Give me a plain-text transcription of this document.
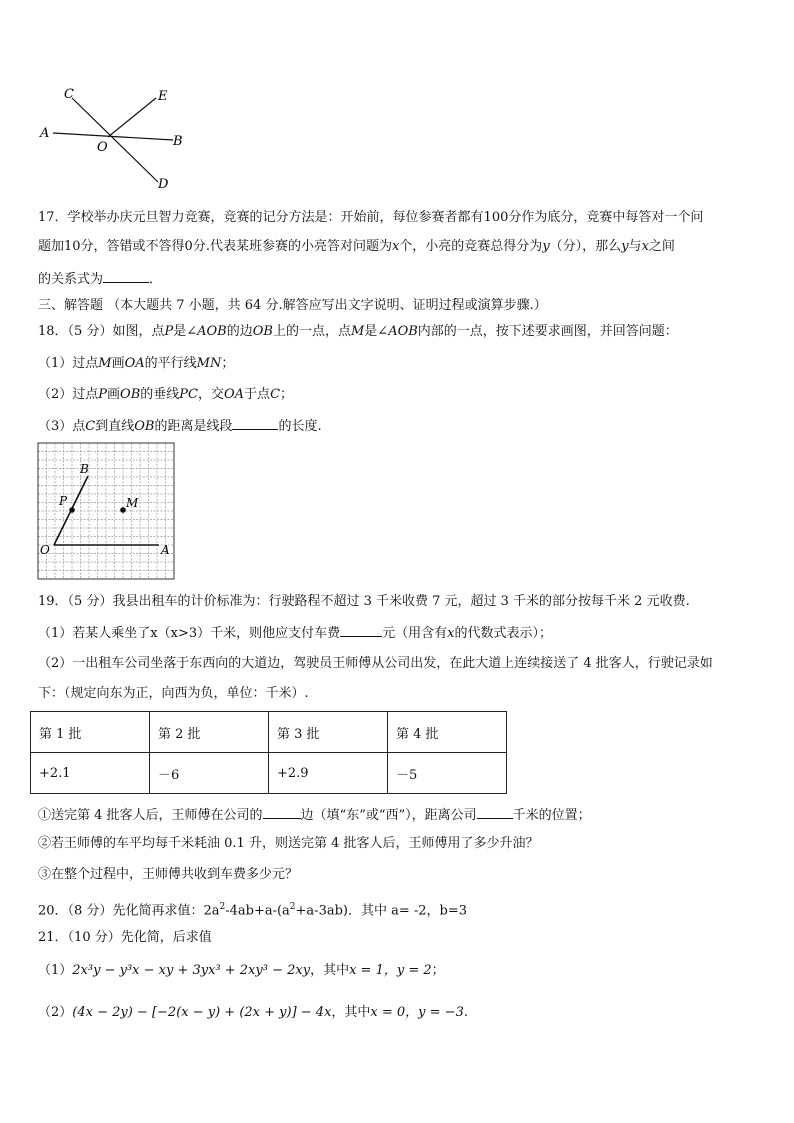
C	E
A
O	B
D
17．学校举办庆元旦智力竞赛，竞赛的记分方法是：开始前，每位参赛者都有100分作为底分，竞赛中每答对一个问
题加10分，答错或不答得0分.代表某班参赛的小亮答对问题为x个，小亮的竞赛总得分为y（分），那么y与x之间
的关系式为	．
三、解答题 （本大题共 7 小题，共 64 分.解答应写出文字说明、证明过程或演算步骤.）
18．（5 分）如图，点P是∠AOB的边OB上的一点，点M是∠AOB内部的一点，按下述要求画图，并回答问题：
（1）过点M画OA的平行线MN；
（2）过点P画OB的垂线PC，交OA于点C；
（3）点C到直线OB的距离是线段	的长度.
B
P	M
O	A
19．（5 分）我县出租车的计价标准为：行驶路程不超过 3 千米收费 7 元，超过 3 千米的部分按每千米 2 元收费.
（1）若某人乘坐了x（x>3）千米，则他应支付车费	元（用含有x的代数式表示）；
（2）一出租车公司坐落于东西向的大道边，驾驶员王师傅从公司出发，在此大道上连续接送了 4 批客人，行驶记录如
下：（规定向东为正，向西为负，单位：千米）.
第 1 批	第 2 批	第 3 批	第 4 批
+2.1	－6	+2.9	－5
①送完第 4 批客人后，王师傅在公司的	边（填“东”或“西”），距离公司	千米的位置；
②若王师傅的车平均每千米耗油 0.1 升，则送完第 4 批客人后，王师傅用了多少升油？
③在整个过程中，王师傅共收到车费多少元？
20．（8 分）先化简再求值：$2a^2-4ab+a-(a^2+a-3ab)$．其中 a= -2，b=3
21．（10 分）先化简，后求值
（1）2x³y − y³x − xy + 3yx³ + 2xy³ − 2xy，其中x = 1，y = 2；
（2）(4x − 2y) − [−2(x − y) + (2x + y)] − 4x，其中x = 0，y = −3.
